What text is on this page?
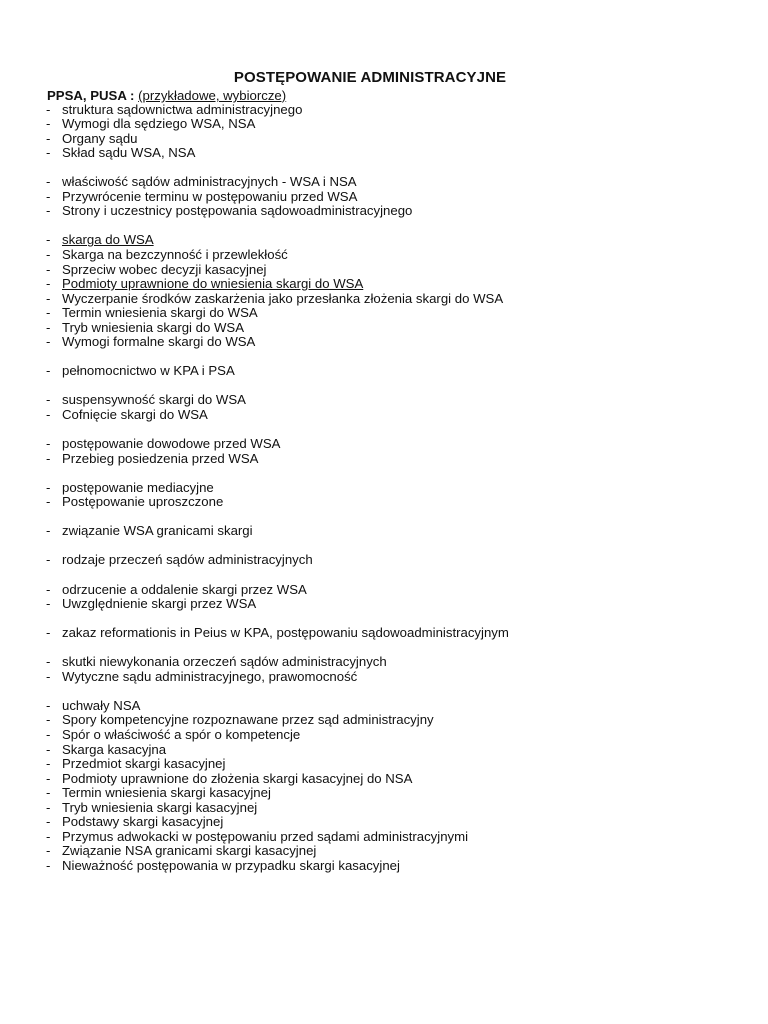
POSTĘPOWANIE ADMINISTRACYJNE
PPSA, PUSA : (przykładowe, wybiorcze)
- struktura sądownictwa administracyjnego
- Wymogi dla sędziego WSA, NSA
- Organy sądu
- Skład sądu WSA, NSA
- właściwość sądów administracyjnych - WSA i NSA
- Przywrócenie terminu w postępowaniu przed WSA
- Strony i uczestnicy postępowania sądowoadministracyjnego
- skarga do WSA
- Skarga na bezczynność i przewlekłość
- Sprzeciw wobec decyzji kasacyjnej
- Podmioty uprawnione do wniesienia skargi do WSA
- Wyczerpanie środków zaskarżenia jako przesłanka złożenia skargi do WSA
- Termin wniesienia skargi do WSA
- Tryb wniesienia skargi do WSA
- Wymogi formalne skargi do WSA
- pełnomocnictwo w KPA i PSA
- suspensywność skargi do WSA
- Cofnięcie skargi do WSA
- postępowanie dowodowe przed WSA
- Przebieg posiedzenia przed WSA
- postępowanie mediacyjne
- Postępowanie uproszczone
- związanie WSA granicami skargi
- rodzaje przeczeń sądów administracyjnych
- odrzucenie a oddalenie skargi przez WSA
- Uwzględnienie skargi przez WSA
- zakaz reformationis in Peius w KPA, postępowaniu sądowoadministracyjnym
- skutki niewykonania orzeczeń sądów administracyjnych
- Wytyczne sądu administracyjnego, prawomocność
- uchwały NSA
- Spory kompetencyjne rozpoznawane przez sąd administracyjny
- Spór o właściwość a spór o kompetencje
- Skarga kasacyjna
- Przedmiot skargi kasacyjnej
- Podmioty uprawnione do złożenia skargi kasacyjnej do NSA
- Termin wniesienia skargi kasacyjnej
- Tryb wniesienia skargi kasacyjnej
- Podstawy skargi kasacyjnej
- Przymus adwokacki w postępowaniu przed sądami administracyjnymi
- Związanie NSA granicami skargi kasacyjnej
- Nieważność postępowania w przypadku skargi kasacyjnej
